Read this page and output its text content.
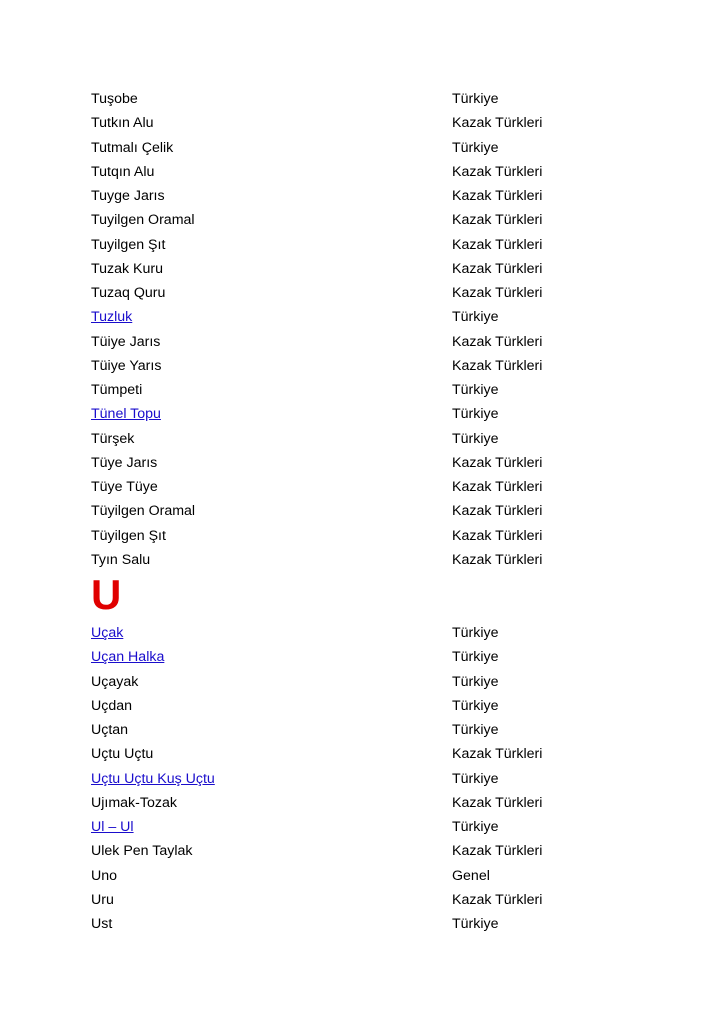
Tuşobe	Türkiye
Tutkın Alu	Kazak Türkleri
Tutmalı Çelik	Türkiye
Tutqın Alu	Kazak Türkleri
Tuyge Jarıs	Kazak Türkleri
Tuyilgen Oramal	Kazak Türkleri
Tuyilgen Şıt	Kazak Türkleri
Tuzak Kuru	Kazak Türkleri
Tuzaq Quru	Kazak Türkleri
Tuzluk	Türkiye
Tüiye Jarıs	Kazak Türkleri
Tüiye Yarıs	Kazak Türkleri
Tümpeti	Türkiye
Tünel Topu	Türkiye
Türşek	Türkiye
Tüye Jarıs	Kazak Türkleri
Tüye Tüye	Kazak Türkleri
Tüyilgen Oramal	Kazak Türkleri
Tüyilgen Şıt	Kazak Türkleri
Tyın Salu	Kazak Türkleri
U
Uçak	Türkiye
Uçan Halka	Türkiye
Uçayak	Türkiye
Uçdan	Türkiye
Uçtan	Türkiye
Uçtu Uçtu	Kazak Türkleri
Uçtu Uçtu Kuş Uçtu	Türkiye
Ujımak-Tozak	Kazak Türkleri
Ul – Ul	Türkiye
Ulek Pen Taylak	Kazak Türkleri
Uno	Genel
Uru	Kazak Türkleri
Ust	Türkiye
